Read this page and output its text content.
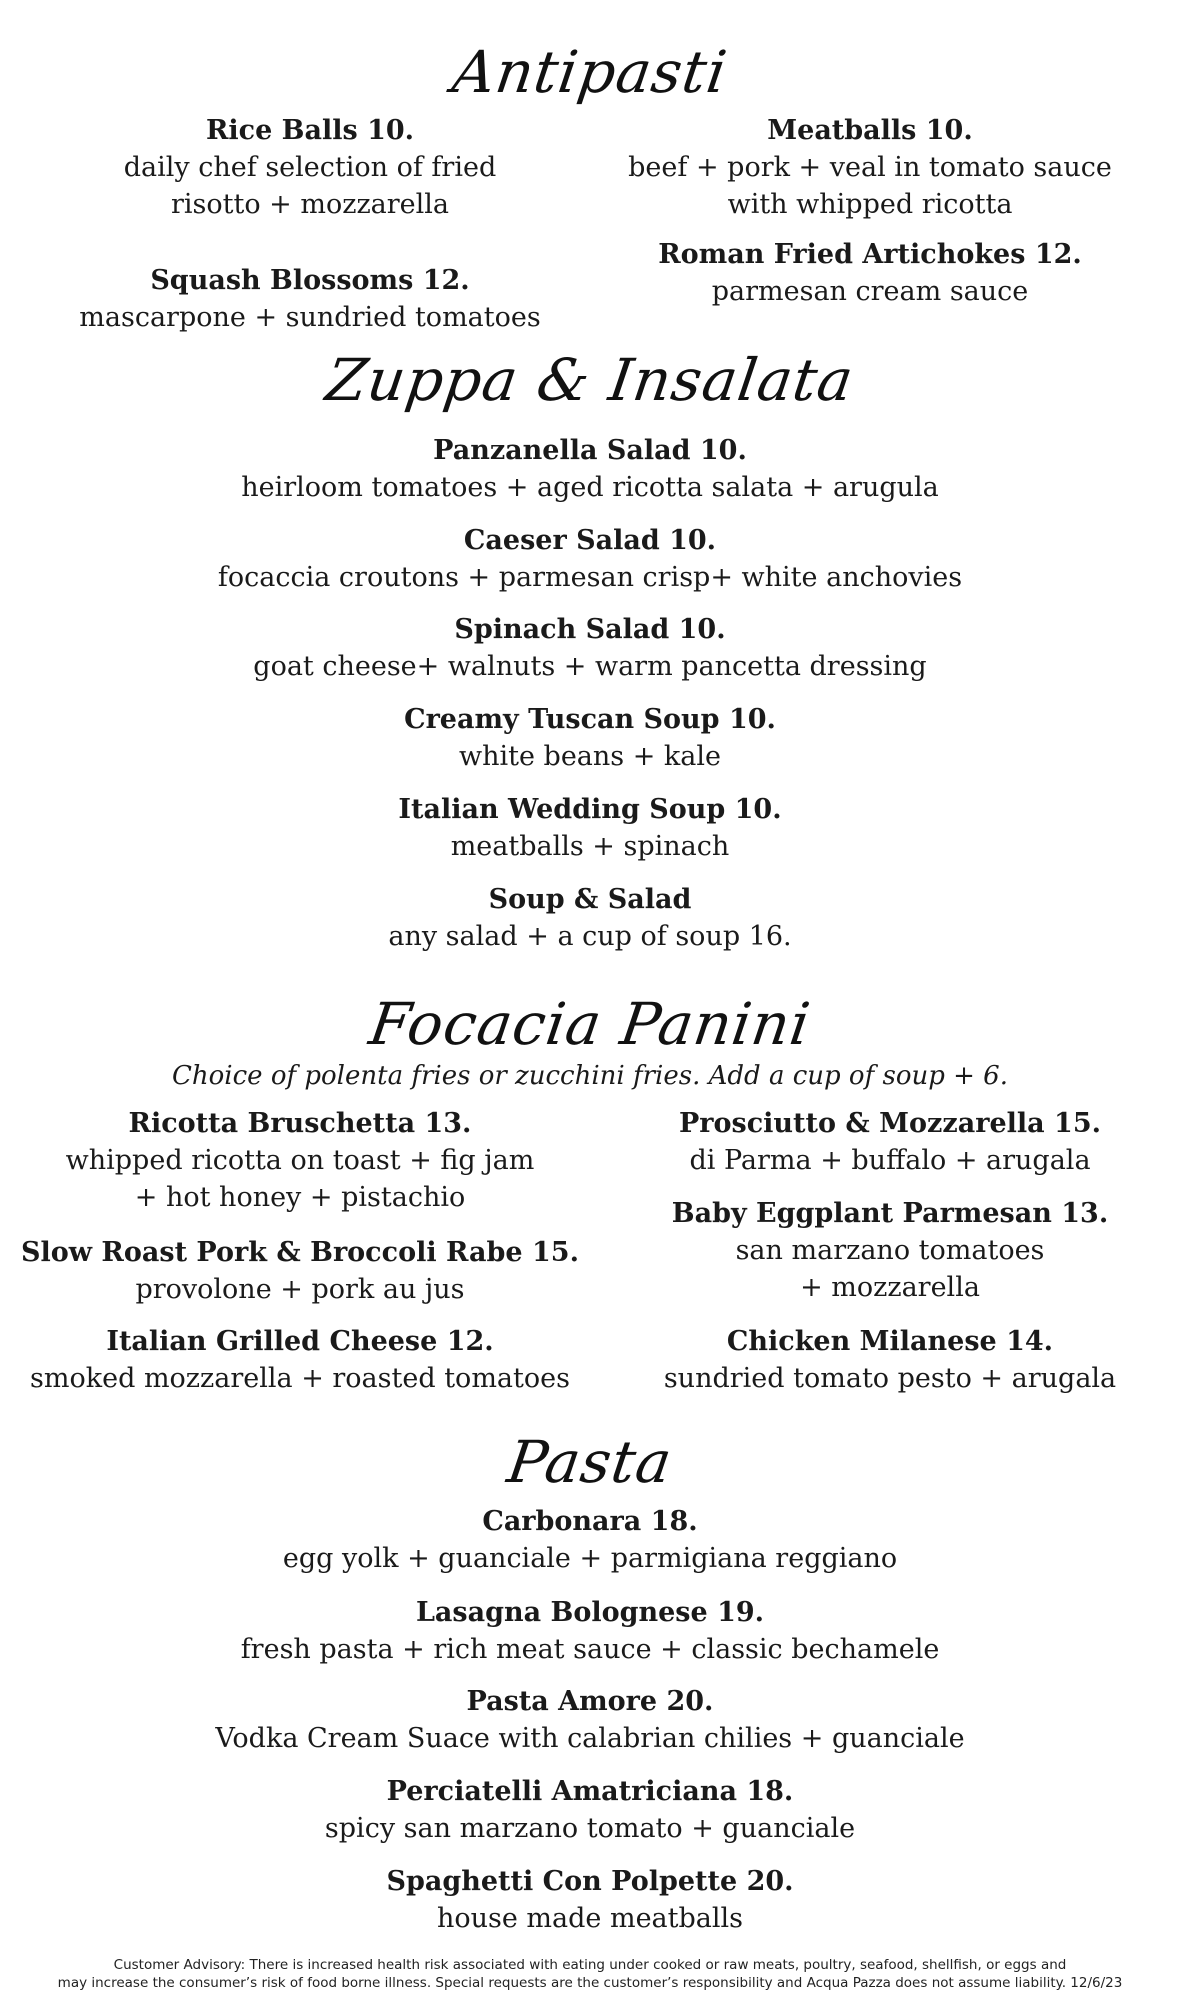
Antipasti
Rice Balls 10.
daily chef selection of fried
risotto + mozzarella
Squash Blossoms 12.
mascarpone + sundried tomatoes
Meatballs 10.
beef + pork + veal in tomato sauce
with whipped ricotta
Roman Fried Artichokes 12.
parmesan cream sauce
Zuppa & Insalata
Panzanella Salad 10.
heirloom tomatoes + aged ricotta salata + arugula
Caeser Salad 10.
focaccia croutons + parmesan crisp+ white anchovies
Spinach Salad 10.
goat cheese+ walnuts + warm pancetta dressing
Creamy Tuscan Soup 10.
white beans + kale
Italian Wedding Soup 10.
meatballs + spinach
Soup & Salad
any salad + a cup of soup 16.
Focacia Panini
Choice of polenta fries or zucchini fries. Add a cup of soup + 6.
Ricotta Bruschetta 13.
whipped ricotta on toast + fig jam
+ hot honey + pistachio
Slow Roast Pork & Broccoli Rabe 15.
provolone + pork au jus
Italian Grilled Cheese 12.
smoked mozzarella + roasted tomatoes
Prosciutto & Mozzarella 15.
di Parma + buffalo + arugala
Baby Eggplant Parmesan 13.
san marzano tomatoes
+ mozzarella
Chicken Milanese 14.
sundried tomato pesto + arugala
Pasta
Carbonara 18.
egg yolk + guanciale + parmigiana reggiano
Lasagna Bolognese 19.
fresh pasta + rich meat sauce + classic bechamele
Pasta Amore 20.
Vodka Cream Suace with calabrian chilies + guanciale
Perciatelli Amatriciana 18.
spicy san marzano tomato + guanciale
Spaghetti Con Polpette 20.
house made meatballs
Customer Advisory: There is increased health risk associated with eating under cooked or raw meats, poultry, seafood, shellfish, or eggs and
may increase the consumer’s risk of food borne illness. Special requests are the customer’s responsibility and Acqua Pazza does not assume liability. 12/6/23
